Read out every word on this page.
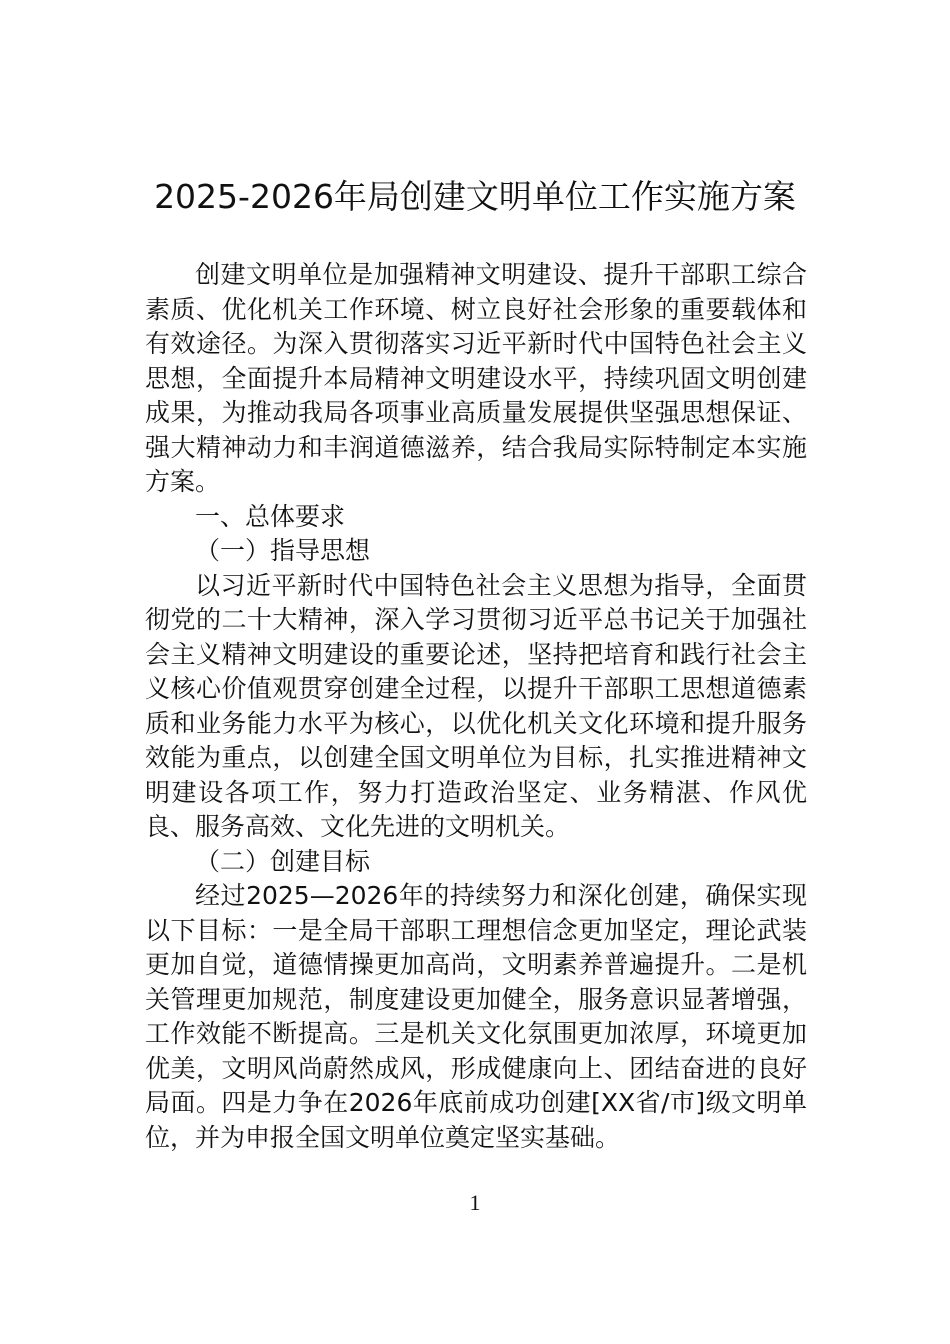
2025-2026年局创建文明单位工作实施方案

创建文明单位是加强精神文明建设、提升干部职工综合素质、优化机关工作环境、树立良好社会形象的重要载体和有效途径。为深入贯彻落实习近平新时代中国特色社会主义思想，全面提升本局精神文明建设水平，持续巩固文明创建成果，为推动我局各项事业高质量发展提供坚强思想保证、强大精神动力和丰润道德滋养，结合我局实际特制定本实施方案。

一、总体要求

（一）指导思想

以习近平新时代中国特色社会主义思想为指导，全面贯彻党的二十大精神，深入学习贯彻习近平总书记关于加强社会主义精神文明建设的重要论述，坚持把培育和践行社会主义核心价值观贯穿创建全过程，以提升干部职工思想道德素质和业务能力水平为核心，以优化机关文化环境和提升服务效能为重点，以创建全国文明单位为目标，扎实推进精神文明建设各项工作，努力打造政治坚定、业务精湛、作风优良、服务高效、文化先进的文明机关。

（二）创建目标

经过2025—2026年的持续努力和深化创建，确保实现以下目标：一是全局干部职工理想信念更加坚定，理论武装更加自觉，道德情操更加高尚，文明素养普遍提升。二是机关管理更加规范，制度建设更加健全，服务意识显著增强，工作效能不断提高。三是机关文化氛围更加浓厚，环境更加优美，文明风尚蔚然成风，形成健康向上、团结奋进的良好局面。四是力争在2026年底前成功创建[XX省/市]级文明单位，并为申报全国文明单位奠定坚实基础。

1
